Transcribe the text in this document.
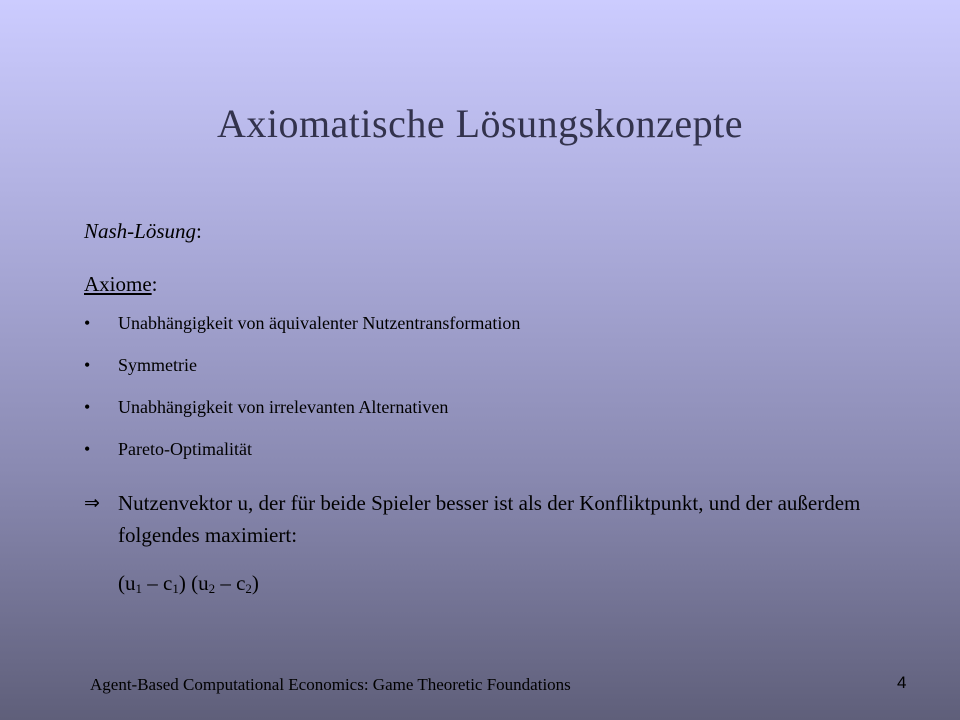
Axiomatische Lösungskonzepte
Nash-Lösung:
Axiome:
• Unabhängigkeit von äquivalenter Nutzentransformation
• Symmetrie
• Unabhängigkeit von irrelevanten Alternativen
• Pareto-Optimalität
⇒ Nutzenvektor u, der für beide Spieler besser ist als der Konfliktpunkt, und der außerdem folgendes maximiert:
$(u_1 - c_1)$ $(u_2 - c_2)$
Agent-Based Computational Economics: Game Theoretic Foundations	4
